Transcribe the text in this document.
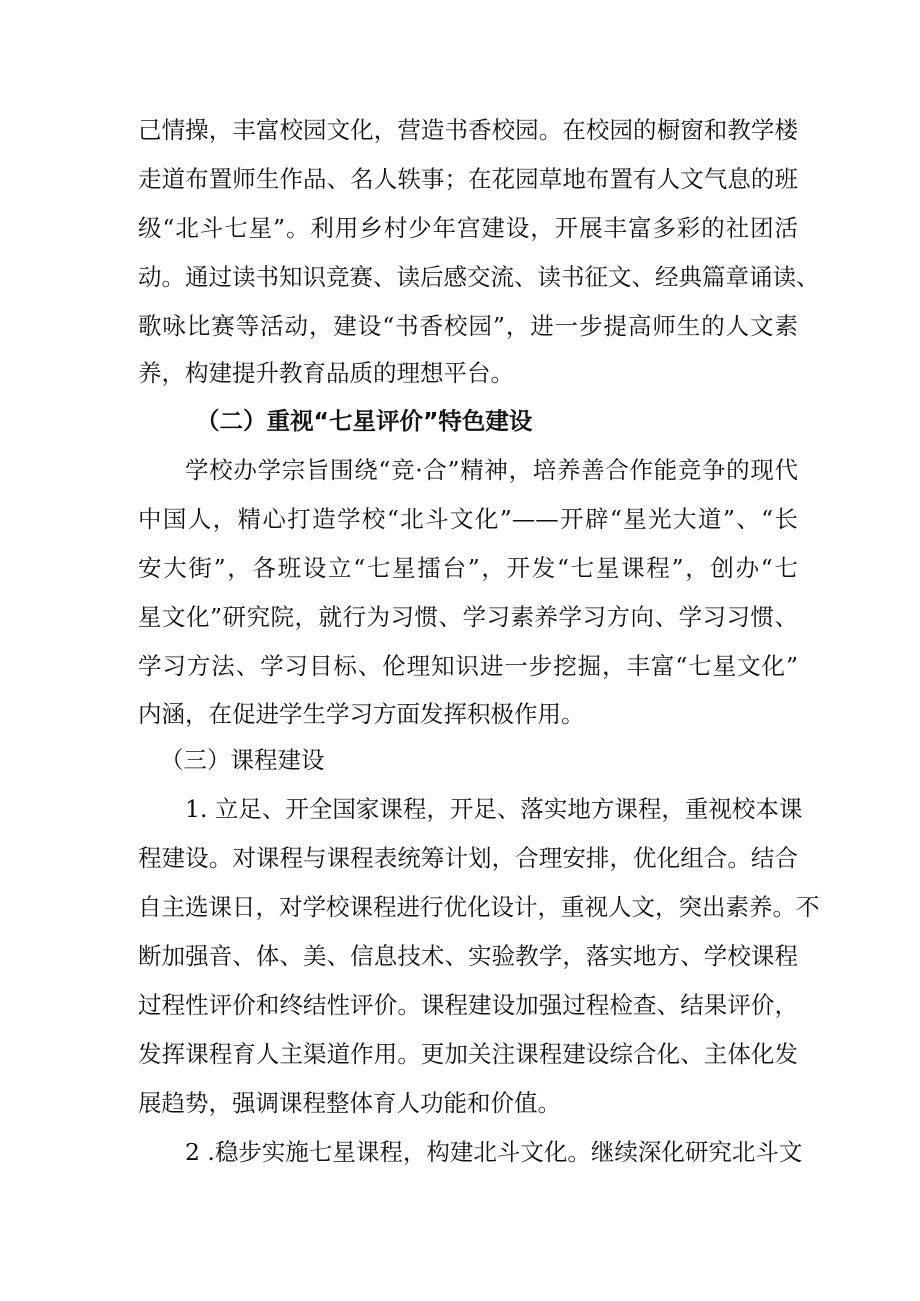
己情操，丰富校园文化，营造书香校园。在校园的橱窗和教学楼
走道布置师生作品、名人轶事；在花园草地布置有人文气息的班
级“北斗七星”。利用乡村少年宫建设，开展丰富多彩的社团活
动。通过读书知识竞赛、读后感交流、读书征文、经典篇章诵读、
歌咏比赛等活动，建设“书香校园”，进一步提高师生的人文素
养，构建提升教育品质的理想平台。
（二）重视“七星评价”特色建设
学校办学宗旨围绕“竞·合”精神，培养善合作能竞争的现代
中国人，精心打造学校“北斗文化”——开辟“星光大道”、“长
安大街”，各班设立“七星擂台”，开发“七星课程”，创办“七
星文化”研究院，就行为习惯、学习素养学习方向、学习习惯、
学习方法、学习目标、伦理知识进一步挖掘，丰富“七星文化”
内涵，在促进学生学习方面发挥积极作用。
（三）课程建设
1. 立足、开全国家课程，开足、落实地方课程，重视校本课
程建设。对课程与课程表统筹计划，合理安排，优化组合。结合
自主选课日，对学校课程进行优化设计，重视人文，突出素养。不
断加强音、体、美、信息技术、实验教学，落实地方、学校课程
过程性评价和终结性评价。课程建设加强过程检查、结果评价，
发挥课程育人主渠道作用。更加关注课程建设综合化、主体化发
展趋势，强调课程整体育人功能和价值。
2 .稳步实施七星课程，构建北斗文化。继续深化研究北斗文
